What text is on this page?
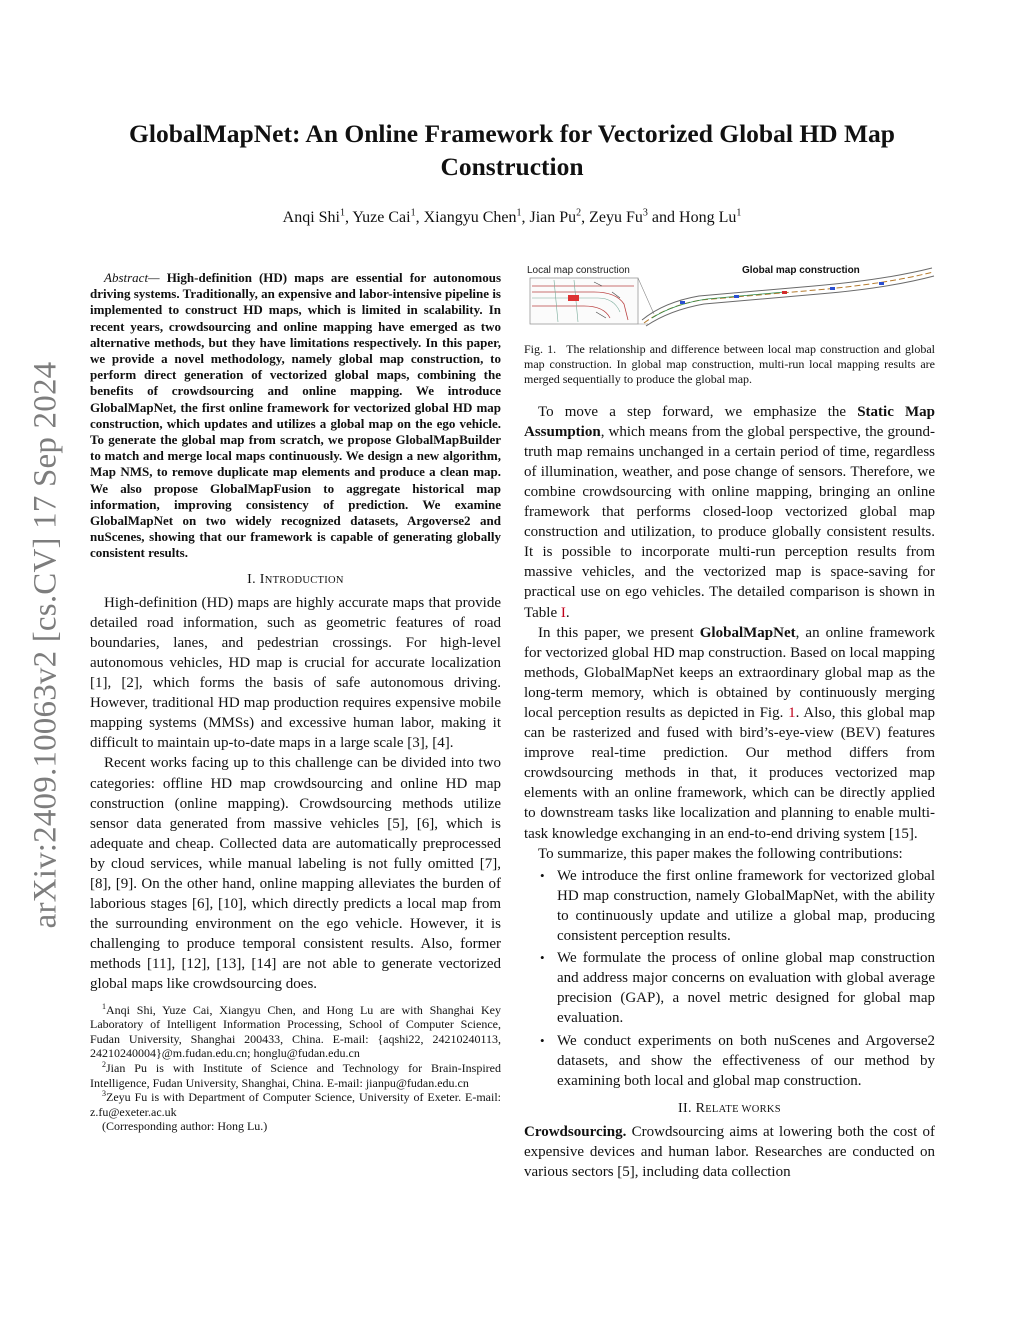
arXiv:2409.10063v2 [cs.CV] 17 Sep 2024
GlobalMapNet: An Online Framework for Vectorized Global HD Map
Construction
Anqi Shi$^1$, Yuze Cai$^1$, Xiangyu Chen$^1$, Jian Pu$^2$, Zeyu Fu$^3$ and Hong Lu$^1$

Abstract— High-definition (HD) maps are essential for autonomous driving systems. Traditionally, an expensive and labor-intensive pipeline is implemented to construct HD maps, which is limited in scalability. In recent years, crowdsourcing and online mapping have emerged as two alternative methods, but they have limitations respectively. In this paper, we provide a novel methodology, namely global map construction, to perform direct generation of vectorized global maps, combining the benefits of crowdsourcing and online mapping. We introduce GlobalMapNet, the first online framework for vectorized global HD map construction, which updates and utilizes a global map on the ego vehicle. To generate the global map from scratch, we propose GlobalMapBuilder to match and merge local maps continuously. We design a new algorithm, Map NMS, to remove duplicate map elements and produce a clean map. We also propose GlobalMapFusion to aggregate historical map information, improving consistency of prediction. We examine GlobalMapNet on two widely recognized datasets, Argoverse2 and nuScenes, showing that our framework is capable of generating globally consistent results.

I. INTRODUCTION

High-definition (HD) maps are highly accurate maps that provide detailed road information, such as geometric features of road boundaries, lanes, and pedestrian crossings. For high-level autonomous vehicles, HD map is crucial for accurate localization [1], [2], which forms the basis of safe autonomous driving. However, traditional HD map production requires expensive mobile mapping systems (MMSs) and excessive human labor, making it difficult to maintain up-to-date maps in a large scale [3], [4].

Recent works facing up to this challenge can be divided into two categories: offline HD map crowdsourcing and online HD map construction (online mapping). Crowdsourcing methods utilize sensor data generated from massive vehicles [5], [6], which is adequate and cheap. Collected data are automatically preprocessed by cloud services, while manual labeling is not fully omitted [7], [8], [9]. On the other hand, online mapping alleviates the burden of laborious stages [6], [10], which directly predicts a local map from the surrounding environment on the ego vehicle. However, it is challenging to produce temporal consistent results. Also, former methods [11], [12], [13], [14] are not able to generate vectorized global maps like crowdsourcing does.

$^1$Anqi Shi, Yuze Cai, Xiangyu Chen, and Hong Lu are with Shanghai Key Laboratory of Intelligent Information Processing, School of Computer Science, Fudan University, Shanghai 200433, China. E-mail: {aqshi22, 24210240113, 24210240004}@m.fudan.edu.cn; honglu@fudan.edu.cn

$^2$Jian Pu is with Institute of Science and Technology for Brain-Inspired Intelligence, Fudan University, Shanghai, China. E-mail: jianpu@fudan.edu.cn

$^3$Zeyu Fu is with Department of Computer Science, University of Exeter. E-mail: z.fu@exeter.ac.uk

(Corresponding author: Hong Lu.)

Local map construction	Global map construction

Fig. 1. The relationship and difference between local map construction and global map construction. In global map construction, multi-run local mapping results are merged sequentially to produce the global map.

To move a step forward, we emphasize the Static Map Assumption, which means from the global perspective, the ground-truth map remains unchanged in a certain period of time, regardless of illumination, weather, and pose change of sensors. Therefore, we combine crowdsourcing with online mapping, bringing an online framework that performs closed-loop vectorized global map construction and utilization, to produce globally consistent results. It is possible to incorporate multi-run perception results from massive vehicles, and the vectorized map is space-saving for practical use on ego vehicles. The detailed comparison is shown in Table I.

In this paper, we present GlobalMapNet, an online framework for vectorized global HD map construction. Based on local mapping methods, GlobalMapNet keeps an extraordinary global map as the long-term memory, which is obtained by continuously merging local perception results as depicted in Fig. 1. Also, this global map can be rasterized and fused with bird’s-eye-view (BEV) features improve real-time prediction. Our method differs from crowdsourcing methods in that, it produces vectorized map elements with an online framework, which can be directly applied to downstream tasks like localization and planning to enable multi-task knowledge exchanging in an end-to-end driving system [15].

To summarize, this paper makes the following contributions:

• We introduce the first online framework for vectorized global HD map construction, namely GlobalMapNet, with the ability to continuously update and utilize a global map, producing consistent perception results.
• We formulate the process of online global map construction and address major concerns on evaluation with global average precision (GAP), a novel metric designed for global map evaluation.
• We conduct experiments on both nuScenes and Argoverse2 datasets, and show the effectiveness of our method by examining both local and global map construction.
II. RELATE WORKS

Crowdsourcing. Crowdsourcing aims at lowering both the cost of expensive devices and human labor. Researches are conducted on various sectors [5], including data collection
